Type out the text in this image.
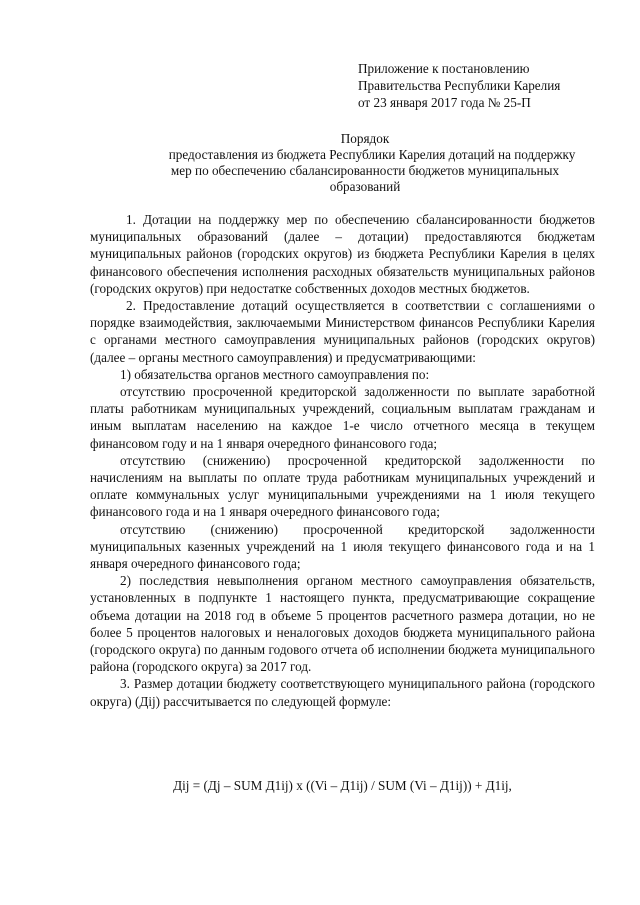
Приложение к постановлению
Правительства Республики Карелия
от 23 января 2017 года № 25-П
Порядок
предоставления из бюджета Республики Карелия дотаций на поддержку
мер по обеспечению сбалансированности бюджетов муниципальных
образований

1. Дотации на поддержку мер по обеспечению сбалансированности бюджетов муниципальных образований (далее – дотации) предоставляются бюджетам муниципальных районов (городских округов) из бюджета Республики Карелия в целях финансового обеспечения исполнения расходных обязательств муниципальных районов (городских округов) при недостатке собственных доходов местных бюджетов.

2. Предоставление дотаций осуществляется в соответствии с соглашениями о порядке взаимодействия, заключаемыми Министерством финансов Республики Карелия с органами местного самоуправления муниципальных районов (городских округов) (далее – органы местного самоуправления) и предусматривающими:

1) обязательства органов местного самоуправления по:

отсутствию просроченной кредиторской задолженности по выплате заработной платы работникам муниципальных учреждений, социальным выплатам гражданам и иным выплатам населению на каждое 1-е число отчетного месяца в текущем финансовом году и на 1 января очередного финансового года;

отсутствию (снижению) просроченной кредиторской задолженности по начислениям на выплаты по оплате труда работникам муниципальных учреждений и оплате коммунальных услуг муниципальными учреждениями на 1 июля текущего финансового года и на 1 января очередного финансового года;

отсутствию (снижению) просроченной кредиторской задолженности муниципальных казенных учреждений на 1 июля текущего финансового года и на 1 января очередного финансового года;

2) последствия невыполнения органом местного самоуправления обязательств, установленных в подпункте 1 настоящего пункта, предусматривающие сокращение объема дотации на 2018 год в объеме 5 процентов расчетного размера дотации, но не более 5 процентов налоговых и неналоговых доходов бюджета муниципального района (городского округа) по данным годового отчета об исполнении бюджета муниципального района (городского округа) за 2017 год.

3. Размер дотации бюджету соответствующего муниципального района (городского округа) (Дij) рассчитывается по следующей формуле:

Дij = (Дj – SUM Д1ij) x ((Vi – Д1ij) / SUM (Vi – Д1ij)) + Д1ij,
